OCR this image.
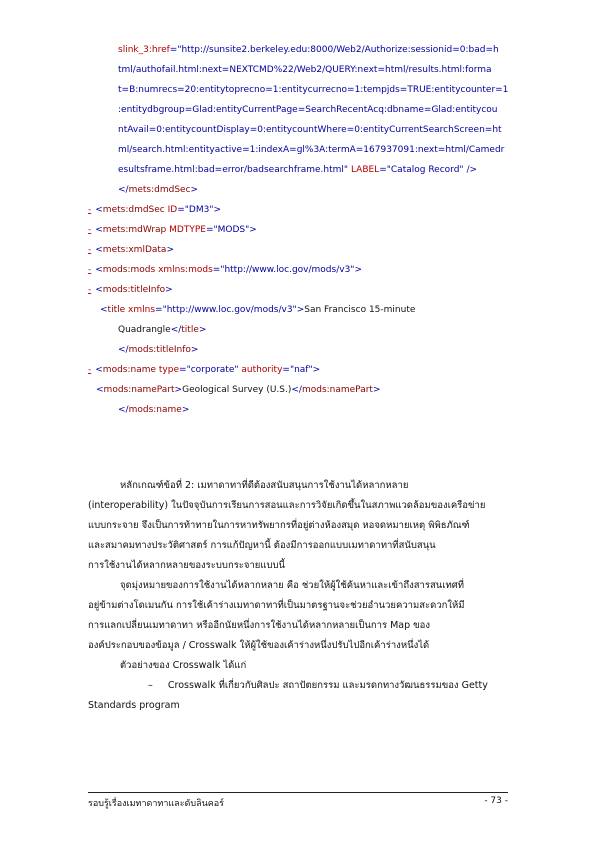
slink_3:href="http://sunsite2.berkeley.edu:8000/Web2/Authorize:sessionid=0:bad=h
tml/authofail.html:next=NEXTCMD%22/Web2/QUERY:next=html/results.html:forma
t=B:numrecs=20:entitytoprecno=1:entitycurrecno=1:tempjds=TRUE:entitycounter=1
:entitydbgroup=Glad:entityCurrentPage=SearchRecentAcq:dbname=Glad:entitycou
ntAvail=0:entitycountDisplay=0:entitycountWhere=0:entityCurrentSearchScreen=ht
ml/search.html:entityactive=1:indexA=gl%3A:termA=167937091:next=html/Camedr
esultsframe.html:bad=error/badsearchframe.html" LABEL="Catalog Record" />
</mets:dmdSec>
- <mets:dmdSec ID="DM3">
- <mets:mdWrap MDTYPE="MODS">
- <mets:xmlData>
- <mods:mods xmlns:mods="http://www.loc.gov/mods/v3">
- <mods:titleInfo>
<title xmlns="http://www.loc.gov/mods/v3">San Francisco 15-minute
Quadrangle</title>
</mods:titleInfo>
- <mods:name type="corporate" authority="naf">
<mods:namePart>Geological Survey (U.S.)</mods:namePart>
</mods:name>

หลักเกณฑ์ข้อที่ 2: เมทาดาทาที่ดีต้องสนับสนุนการใช้งานได้หลากหลาย

(interoperability) ในปัจจุบันการเรียนการสอนและการวิจัยเกิดขึ้นในสภาพแวดล้อมของเครือข่าย

แบบกระจาย จึงเป็นการท้าทายในการหาทรัพยากรที่อยู่ต่างห้องสมุด หอจดหมายเหตุ พิพิธภัณฑ์

และสมาคมทางประวัติศาสตร์ การแก้ปัญหานี้ ต้องมีการออกแบบเมทาดาทาที่สนับสนุน

การใช้งานได้หลากหลายของระบบกระจายแบบนี้

จุดมุ่งหมายของการใช้งานได้หลากหลาย คือ ช่วยให้ผู้ใช้ค้นหาและเข้าถึงสารสนเทศที่

อยู่ข้ามต่างโดเมนกัน การใช้เค้าร่างเมทาดาทาที่เป็นมาตรฐานจะช่วยอำนวยความสะดวกให้มี

การแลกเปลี่ยนเมทาดาทา หรืออีกนัยหนึ่งการใช้งานได้หลากหลายเป็นการ Map ของ

องค์ประกอบของข้อมูล / Crosswalk ให้ผู้ใช้ของเค้าร่างหนึ่งปรับไปอีกเค้าร่างหนึ่งได้

ตัวอย่างของ Crosswalk ได้แก่

– Crosswalk ที่เกี่ยวกับศิลปะ สถาปัตยกรรม และมรดกทางวัฒนธรรมของ Getty

Standards program

รอบรู้เรื่องเมทาดาทาและดับลินคอร์	- 73 -
